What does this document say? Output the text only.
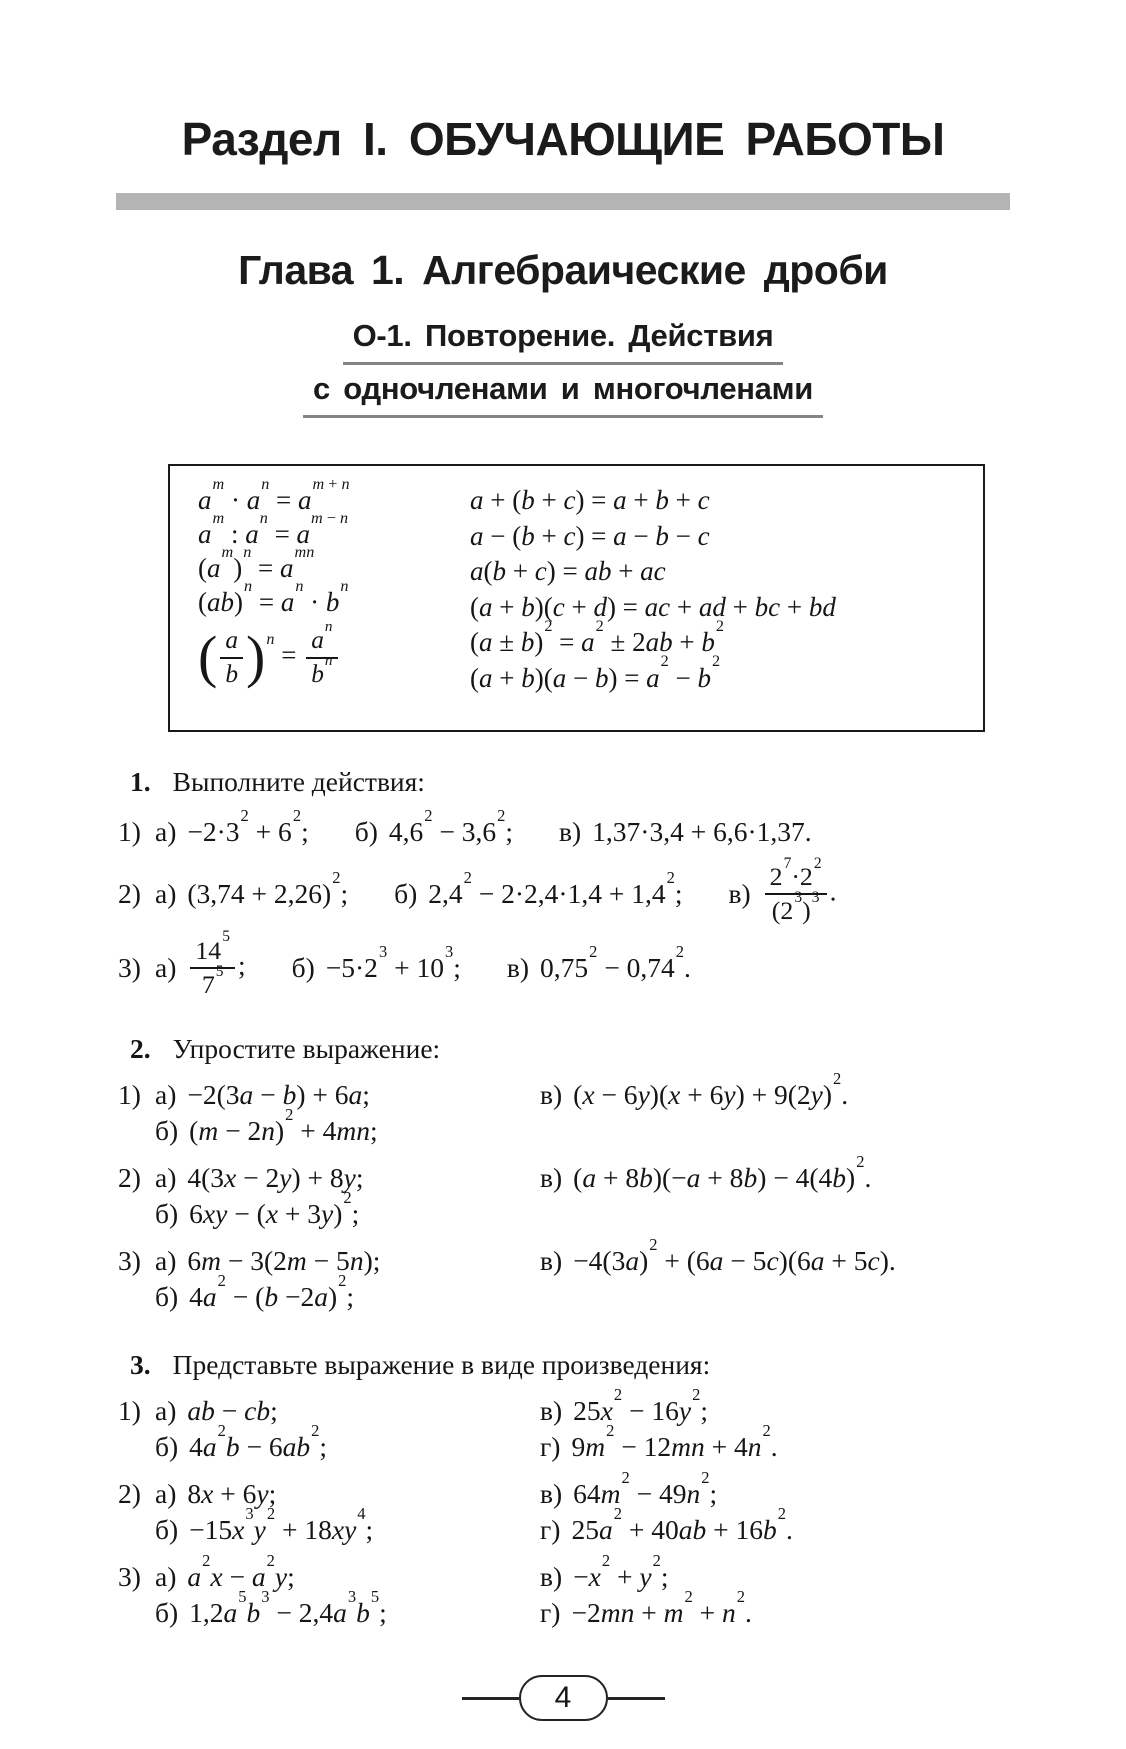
Раздел I. ОБУЧАЮЩИЕ РАБОТЫ
Глава 1. Алгебраические дроби
О-1. Повторение. Действия
с одночленами и многочленами
$a^m \cdot a^n = a^{m + n}$
$a^m$ : $a^n = a^{m - n}$
$(a^m)^n = a^{mn}$
$(ab)^n = a^n \cdot b^n$
( $\frac{a}{b} )^n = \frac{a^n}{b^n}$
a + (b + c) = a + b + c
a − (b + c) = a − b − c
a(b + c) = ab + ac
(a + b)(c + d) = ac + ad + bc + bd
$(a \pm b)^2 = a^2 \pm 2ab + b^2$
$(a + b)(a - b) = a^2 - b^2$
1. Выполните действия:
1) $а) -2\cdot 3^2 + 6^2$; б) $4,6^2 - 3,6^2$; в) 1,37·3,4 + 6,6·1,37.
2) а) $(3,74 + 2,26)^2$; б) $2,4^2 - 2\cdot 2,4\cdot 1,4 + 1,4^2$; $в) \frac{2^7\cdot 2^2}{(2^3)^3}$ .
3) $а) \frac{14^5}{7^5}$ ; $б) -5\cdot 2^3 + 10^3$; в) $0,75^2 - 0,74^2$.
2. Упростите выражение:
1) а) −2(3a − b) + 6a;
б) $(m - 2n)^2 + 4mn$;
в) $(x - 6y)(x + 6y) + 9(2y)^2$.
2) а) 4(3x − 2y) + 8y;
б) $6xy - (x + 3y)^2$;
в) $(a + 8b)(-a + 8b) - 4(4b)^2$.
3) а) 6m − 3(2m − 5n);
б) $4a^2 - (b -2a)^2$;
$в) -4(3a)^2 + (6a - 5c)(6a + 5c)$.
3. Представьте выражение в виде произведения:
1) а) ab − cb;
б) $4a^2b - 6ab^2$;
в) $25x^2 - 16y^2$;
г) $9m^2 - 12mn + 4n^2$.
2) а) 8x + 6y;
$б) -15x^3y^2 + 18xy^4$;
в) $64m^2 - 49n^2$;
г) $25a^2 + 40ab + 16b^2$.
3) а) $a^2x - a^2y$;
б) $1,2a^5b^3 - 2,4a^3b^5$;
$в) -x^2 + y^2$;
$г) -2mn + m^2 + n^2$.
4
